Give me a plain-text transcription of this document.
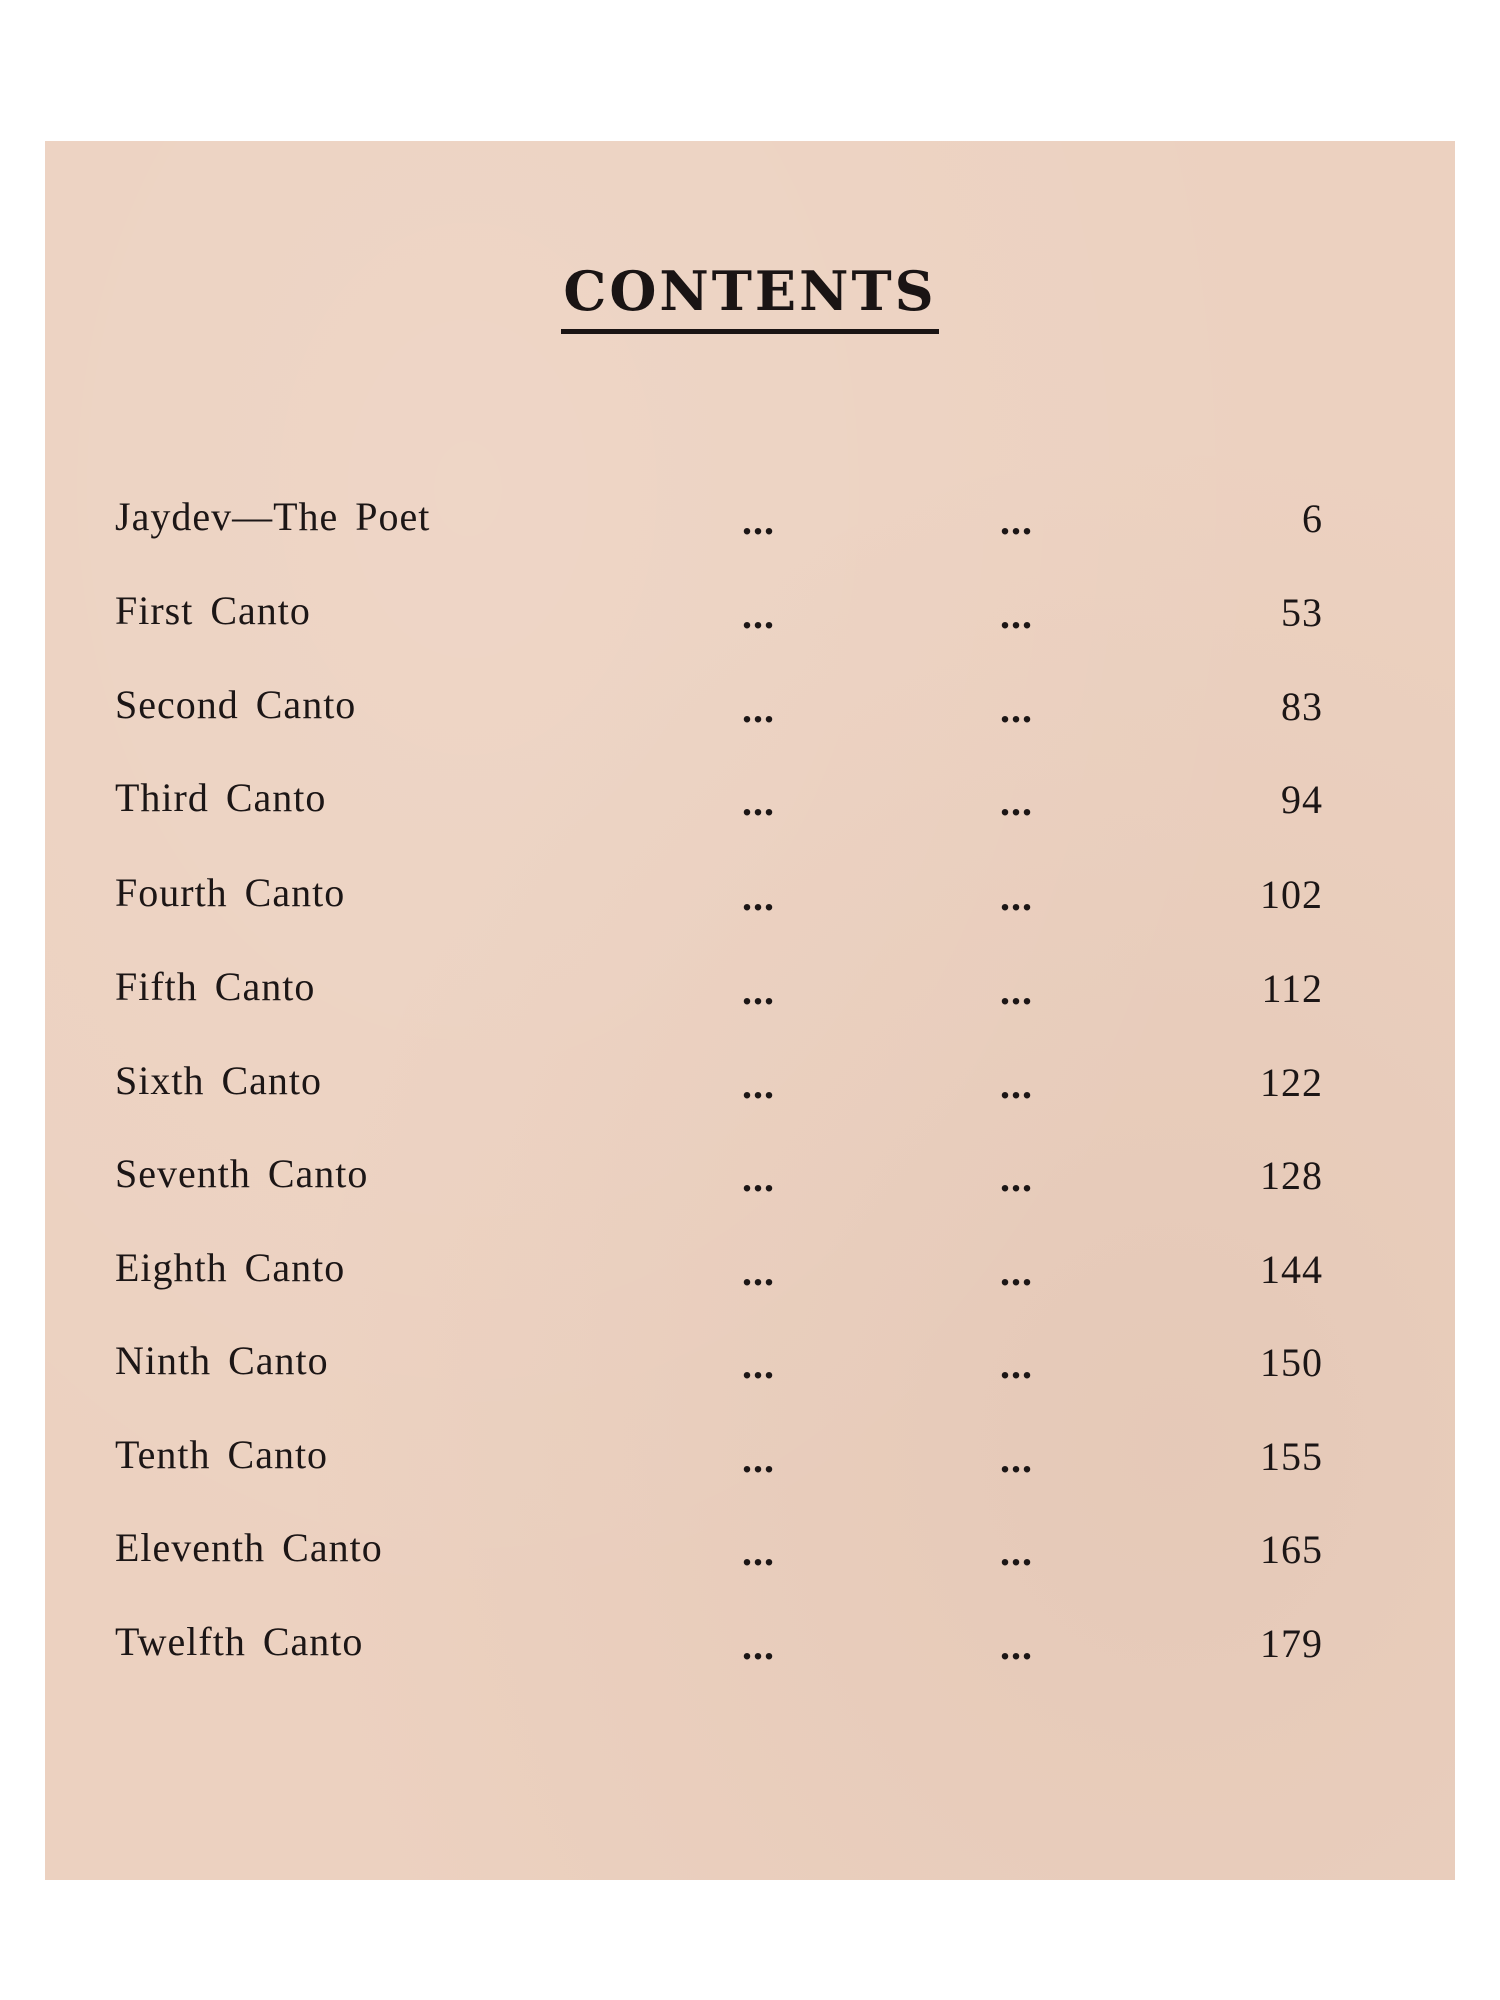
CONTENTS
Jaydev—The Poet	...	...	6
First Canto	...	...	53
Second Canto	...	...	83
Third Canto	...	...	94
Fourth Canto	...	...	102
Fifth Canto	...	...	112
Sixth Canto	...	...	122
Seventh Canto	...	...	128
Eighth Canto	...	...	144
Ninth Canto	...	...	150
Tenth Canto	...	...	155
Eleventh Canto	...	...	165
Twelfth Canto	...	...	179
